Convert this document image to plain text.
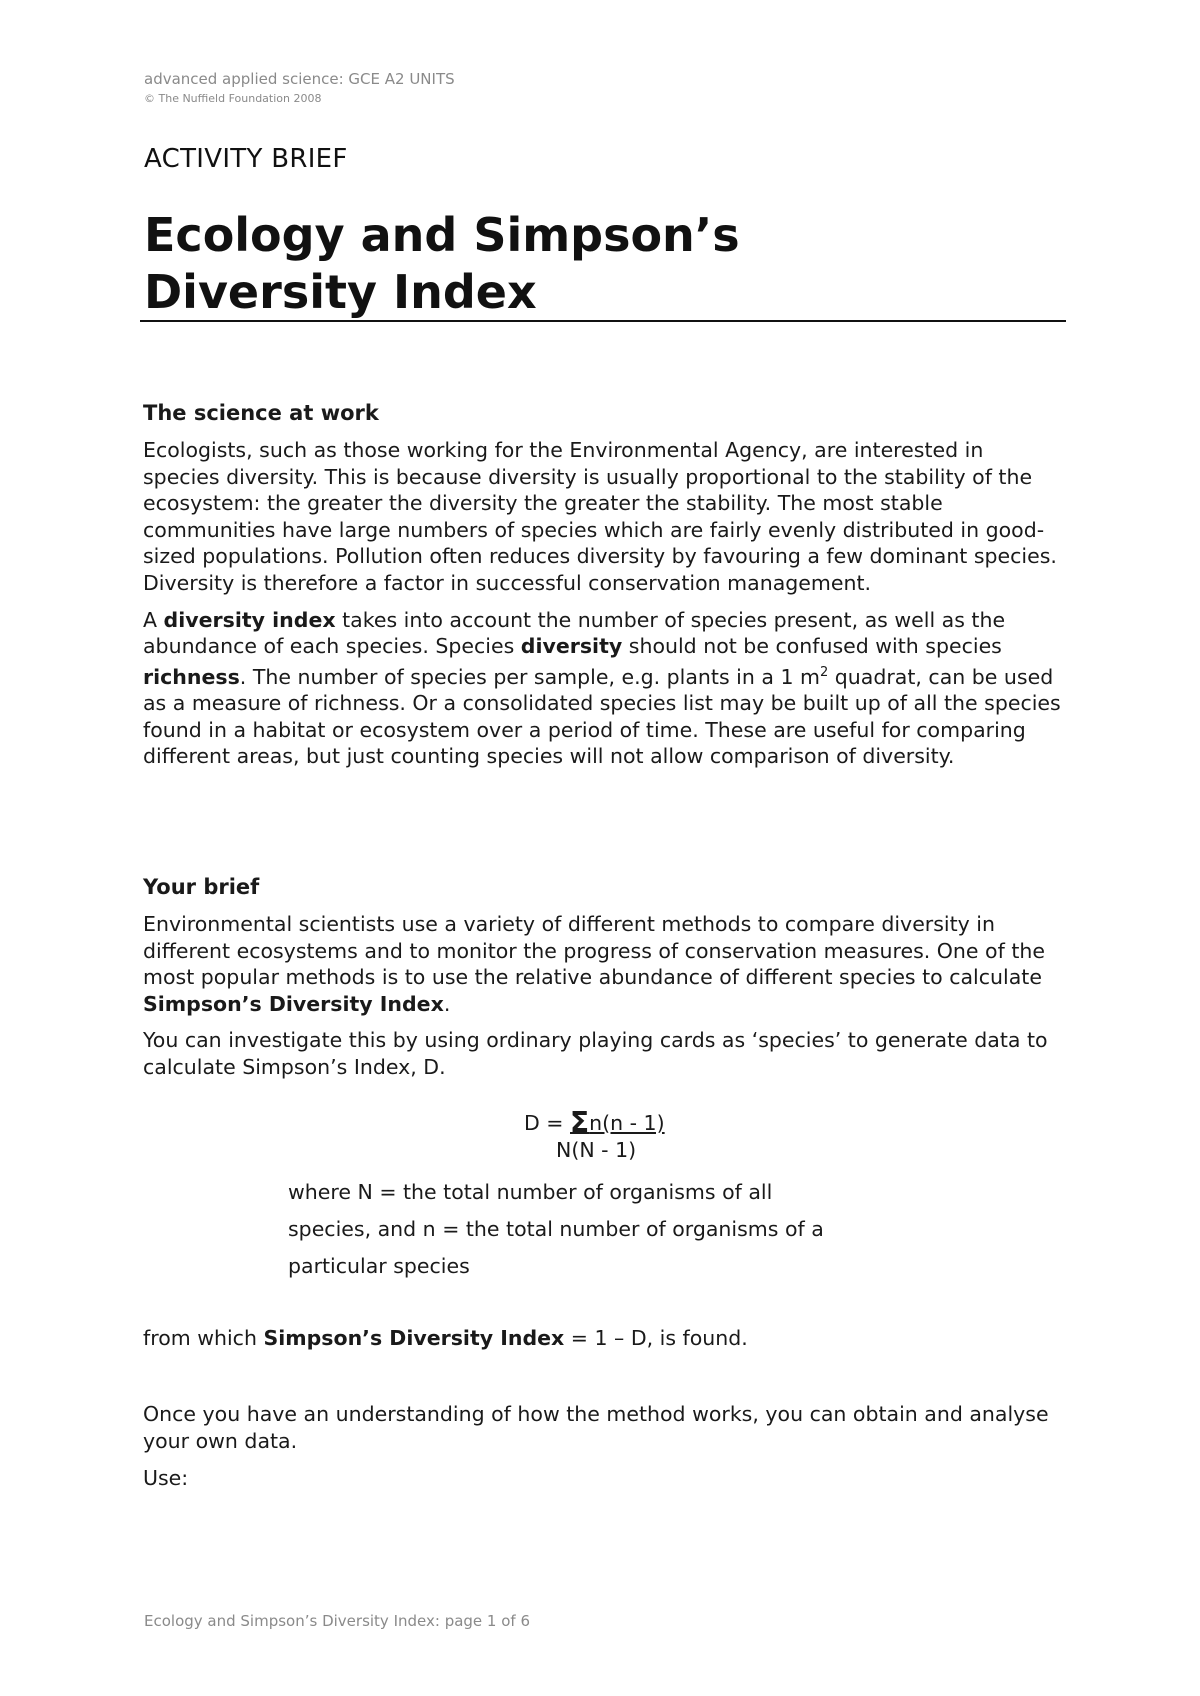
advanced applied science: GCE A2 UNITS
© The Nuffield Foundation 2008
ACTIVITY BRIEF
Ecology and Simpson’s
Diversity Index
The science at work

Ecologists, such as those working for the Environmental Agency, are interested in species diversity. This is because diversity is usually proportional to the stability of the ecosystem: the greater the diversity the greater the stability. The most stable communities have large numbers of species which are fairly evenly distributed in good-sized populations. Pollution often reduces diversity by favouring a few dominant species. Diversity is therefore a factor in successful conservation management.

A diversity index takes into account the number of species present, as well as the abundance of each species. Species diversity should not be confused with species richness. The number of species per sample, e.g. plants in a 1 $m^2$ quadrat, can be used as a measure of richness. Or a consolidated species list may be built up of all the species found in a habitat or ecosystem over a period of time. These are useful for comparing different areas, but just counting species will not allow comparison of diversity.

Your brief

Environmental scientists use a variety of different methods to compare diversity in different ecosystems and to monitor the progress of conservation measures. One of the most popular methods is to use the relative abundance of different species to calculate Simpson’s Diversity Index.

You can investigate this by using ordinary playing cards as ‘species’ to generate data to calculate Simpson’s Index, D.

D = Σn(n - 1)
N(N - 1)
where N = the total number of organisms of all
species, and n = the total number of organisms of a
particular species
from which Simpson’s Diversity Index = 1 – D, is found.
Once you have an understanding of how the method works, you can obtain and analyse your own data.
Use:
Ecology and Simpson’s Diversity Index: page 1 of 6
